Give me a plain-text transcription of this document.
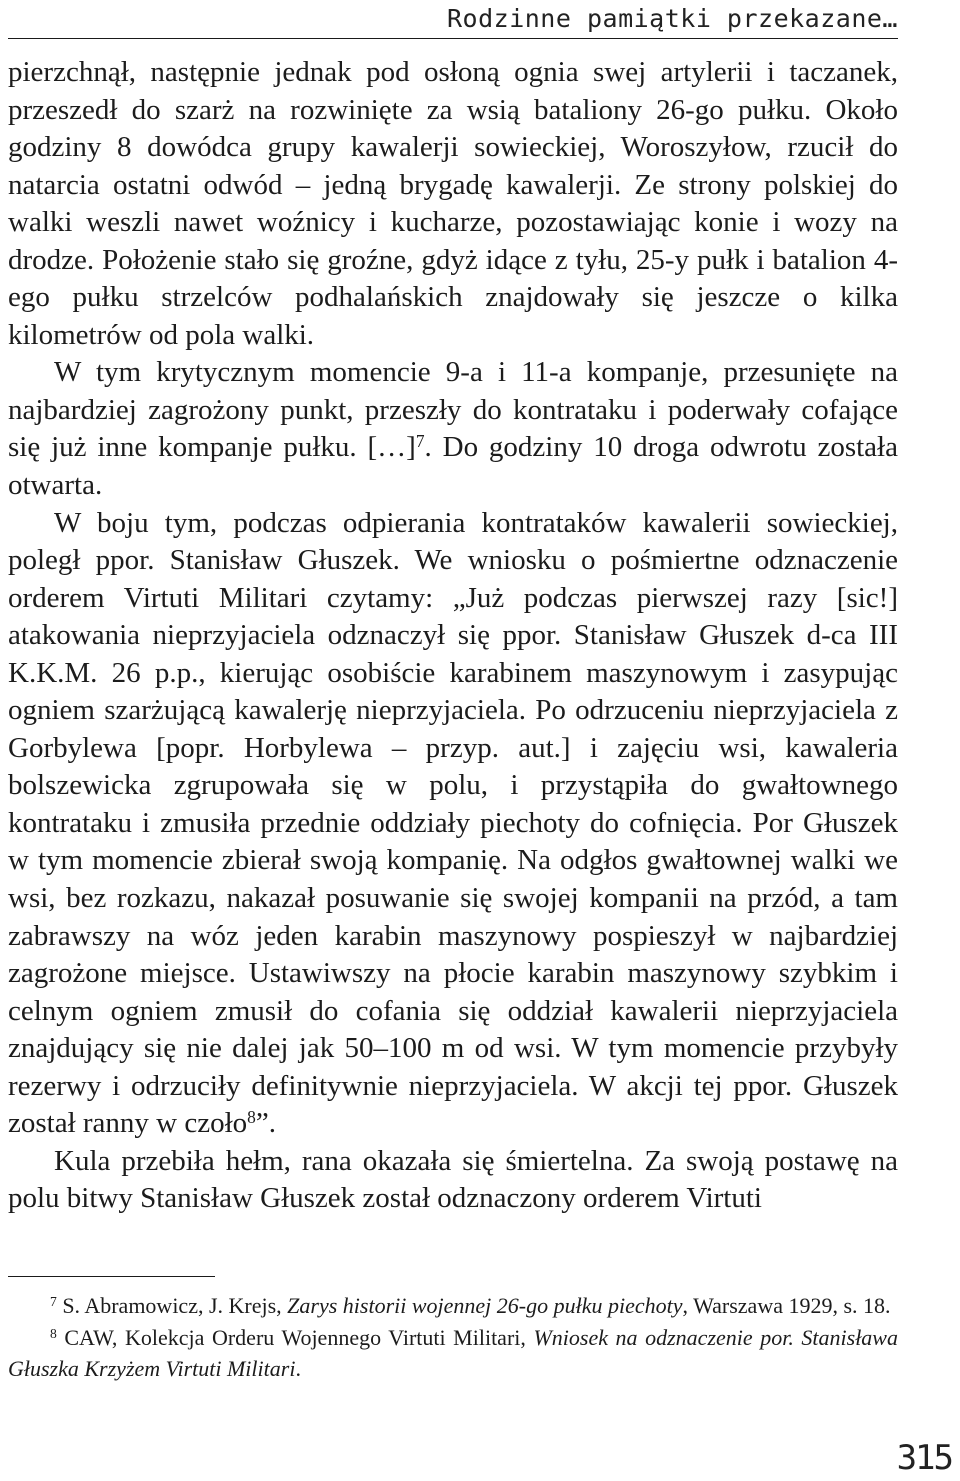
Rodzinne pamiątki przekazane…

pierzchnął, następnie jednak pod osłoną ognia swej artylerii i taczanek, przeszedł do szarż na rozwinięte za wsią bataliony 26-go pułku. Około godziny 8 dowódca grupy kawalerji sowieckiej, Woroszyłow, rzucił do natarcia ostatni odwód – jedną brygadę kawalerji. Ze strony polskiej do walki weszli nawet woźnicy i kucharze, pozostawiając konie i wozy na drodze. Położenie stało się groźne, gdyż idące z tyłu, 25-y pułk i batalion 4-ego pułku strzelców podhalańskich znajdowały się jeszcze o kilka kilometrów od pola walki.

W tym krytycznym momencie 9-a i 11-a kompanje, przesunięte na najbardziej zagrożony punkt, przeszły do kontrataku i poderwały cofające się już inne kompanje pułku. […]$^7$. Do godziny 10 droga odwrotu została otwarta.

W boju tym, podczas odpierania kontrataków kawalerii sowieckiej, poległ ppor. Stanisław Głuszek. We wniosku o pośmiertne odznaczenie orderem Virtuti Militari czytamy: „Już podczas pierwszej razy [sic!] atakowania nieprzyjaciela odznaczył się ppor. Stanisław Głuszek d-ca III K.K.M. 26 p.p., kierując osobiście karabinem maszynowym i zasypując ogniem szarżującą kawalerję nieprzyjaciela. Po odrzuceniu nieprzyjaciela z Gorbylewa [popr. Horbylewa – przyp. aut.] i zajęciu wsi, kawaleria bolszewicka zgrupowała się w polu, i przystąpiła do gwałtownego kontrataku i zmusiła przednie oddziały piechoty do cofnięcia. Por Głuszek w tym momencie zbierał swoją kompanię. Na odgłos gwałtownej walki we wsi, bez rozkazu, nakazał posuwanie się swojej kompanii na przód, a tam zabrawszy na wóz jeden karabin maszynowy pospieszył w najbardziej zagrożone miejsce. Ustawiwszy na płocie karabin maszynowy szybkim i celnym ogniem zmusił do cofania się oddział kawalerii nieprzyjaciela znajdujący się nie dalej jak 50–100 m od wsi. W tym momencie przybyły rezerwy i odrzuciły definitywnie nieprzyjaciela. W akcji tej ppor. Głuszek został ranny w czoło$^8$”.

Kula przebiła hełm, rana okazała się śmiertelna. Za swoją postawę na polu bitwy Stanisław Głuszek został odznaczony orderem Virtuti

$^7$ S. Abramowicz, J. Krejs, Zarys historii wojennej 26-go pułku piechoty, Warszawa 1929, s. 18.

$^8$ CAW, Kolekcja Orderu Wojennego Virtuti Militari, Wniosek na odznaczenie por. Stanisława Głuszka Krzyżem Virtuti Militari.

315
